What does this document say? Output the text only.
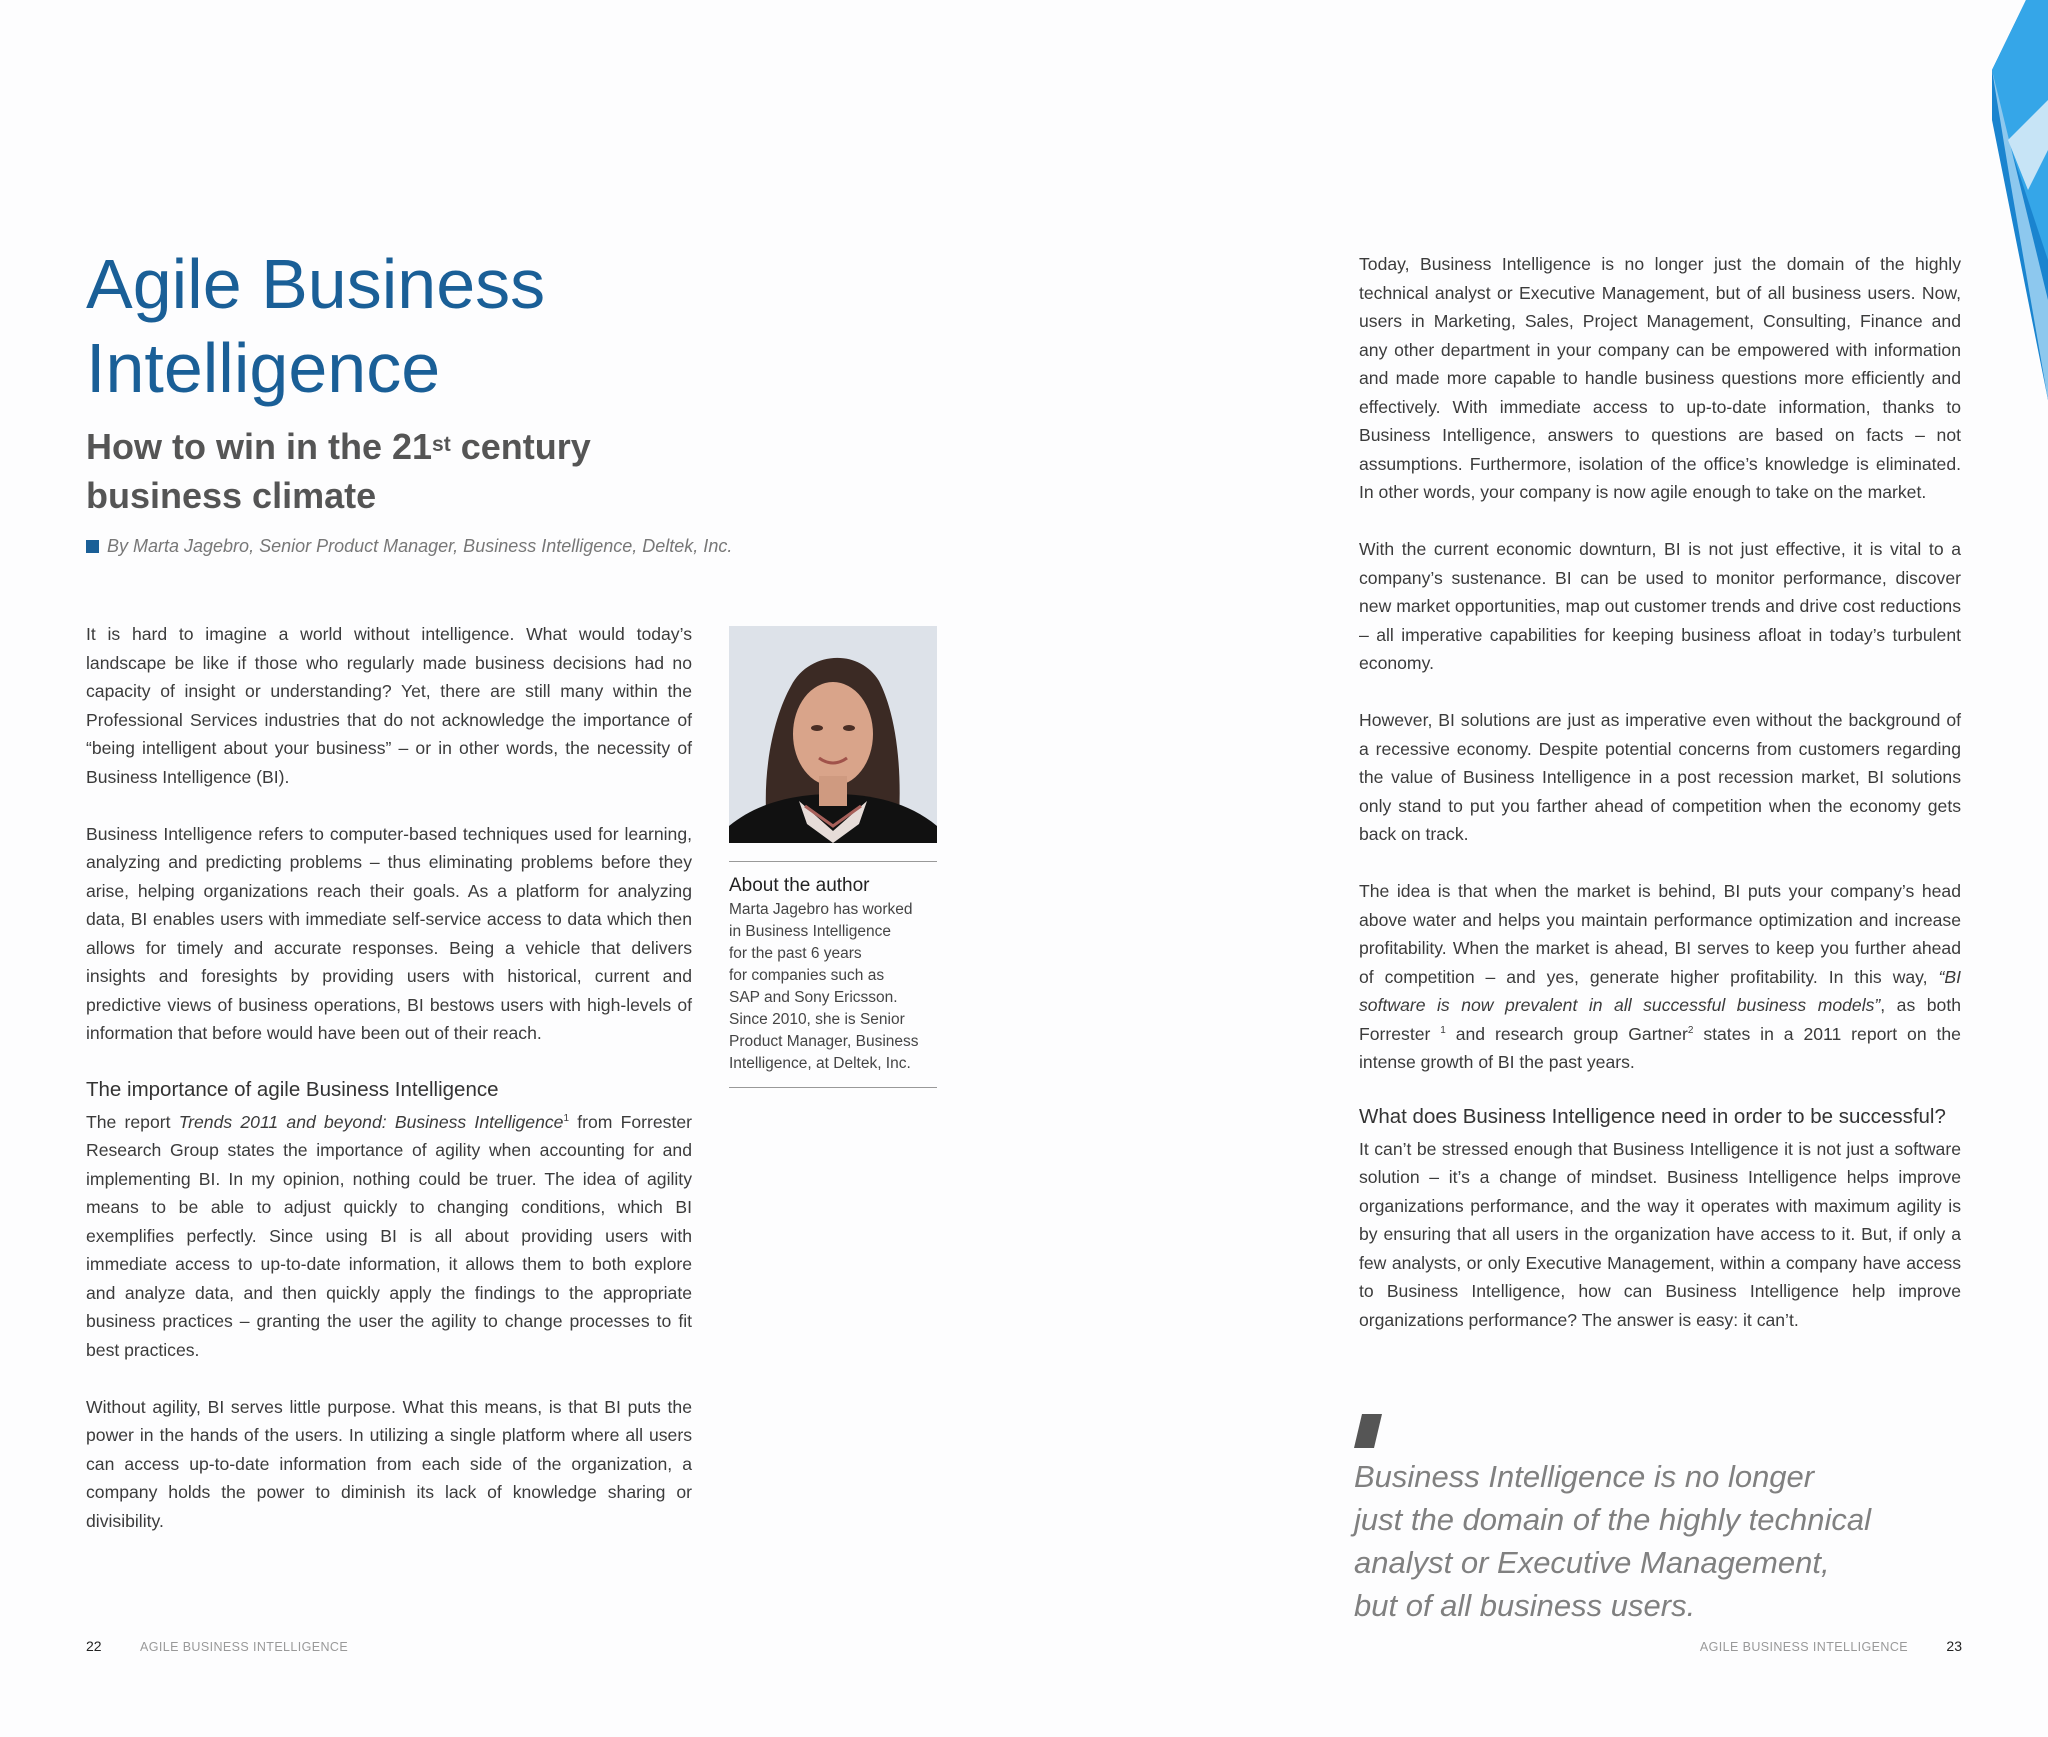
Agile Business
Intelligence
How to win in the 21st century
business climate
By Marta Jagebro, Senior Product Manager, Business Intelligence, Deltek, Inc.

It is hard to imagine a world without intelligence. What would today’s landscape be like if those who regularly made business decisions had no capacity of insight or understanding? Yet, there are still many within the Professional Services industries that do not acknowledge the importance of “being intelligent about your business” – or in other words, the necessity of Business Intelligence (BI).

Business Intelligence refers to computer-based techniques used for learning, analyzing and predicting problems – thus eliminating problems before they arise, helping organizations reach their goals. As a platform for analyzing data, BI enables users with immediate self-service access to data which then allows for timely and accurate responses. Being a vehicle that delivers insights and foresights by providing users with historical, current and predictive views of business operations, BI bestows users with high-levels of information that before would have been out of their reach.

The importance of agile Business Intelligence

The report Trends 2011 and beyond: Business Intelligence$^1$ from Forrester Research Group states the importance of agility when accounting for and implementing BI. In my opinion, nothing could be truer. The idea of agility means to be able to adjust quickly to changing conditions, which BI exemplifies perfectly. Since using BI is all about providing users with immediate access to up-to-date information, it allows them to both explore and analyze data, and then quickly apply the findings to the appropriate business practices – granting the user the agility to change processes to fit best practices.

Without agility, BI serves little purpose. What this means, is that BI puts the power in the hands of the users. In utilizing a single platform where all users can access up-to-date information from each side of the organization, a company holds the power to diminish its lack of knowledge sharing or divisibility.

About the author

Marta Jagebro has worked

in Business Intelligence

for the past 6 years

for companies such as

SAP and Sony Ericsson.

Since 2010, she is Senior

Product Manager, Business

Intelligence, at Deltek, Inc.

Today, Business Intelligence is no longer just the domain of the highly technical analyst or Executive Management, but of all business users. Now, users in Marketing, Sales, Project Management, Consulting, Finance and any other department in your company can be empowered with information and made more capable to handle business questions more efficiently and effectively. With immediate access to up-to-date information, thanks to Business Intelligence, answers to questions are based on facts – not assumptions. Furthermore, isolation of the office’s knowledge is eliminated. In other words, your company is now agile enough to take on the market.

With the current economic downturn, BI is not just effective, it is vital to a company’s sustenance. BI can be used to monitor performance, discover new market opportunities, map out customer trends and drive cost reductions – all imperative capabilities for keeping business afloat in today’s turbulent economy.

However, BI solutions are just as imperative even without the background of a recessive economy. Despite potential concerns from customers regarding the value of Business Intelligence in a post recession market, BI solutions only stand to put you farther ahead of competition when the economy gets back on track.

The idea is that when the market is behind, BI puts your company’s head above water and helps you maintain performance optimization and increase profitability. When the market is ahead, BI serves to keep you further ahead of competition – and yes, generate higher profitability. In this way, “BI software is now prevalent in all successful business models”, as both Forrester $^1$ and research group Gartner$^2$ states in a 2011 report on the intense growth of BI the past years.

What does Business Intelligence need in order to be successful?

It can’t be stressed enough that Business Intelligence it is not just a software solution – it’s a change of mindset. Business Intelligence helps improve organizations performance, and the way it operates with maximum agility is by ensuring that all users in the organization have access to it. But, if only a few analysts, or only Executive Management, within a company have access to Business Intelligence, how can Business Intelligence help improve organizations performance? The answer is easy: it can’t.

Business Intelligence is no longer
just the domain of the highly technical
analyst or Executive Management,
but of all business users.
22	AGILE BUSINESS INTELLIGENCE	AGILE BUSINESS INTELLIGENCE	23
